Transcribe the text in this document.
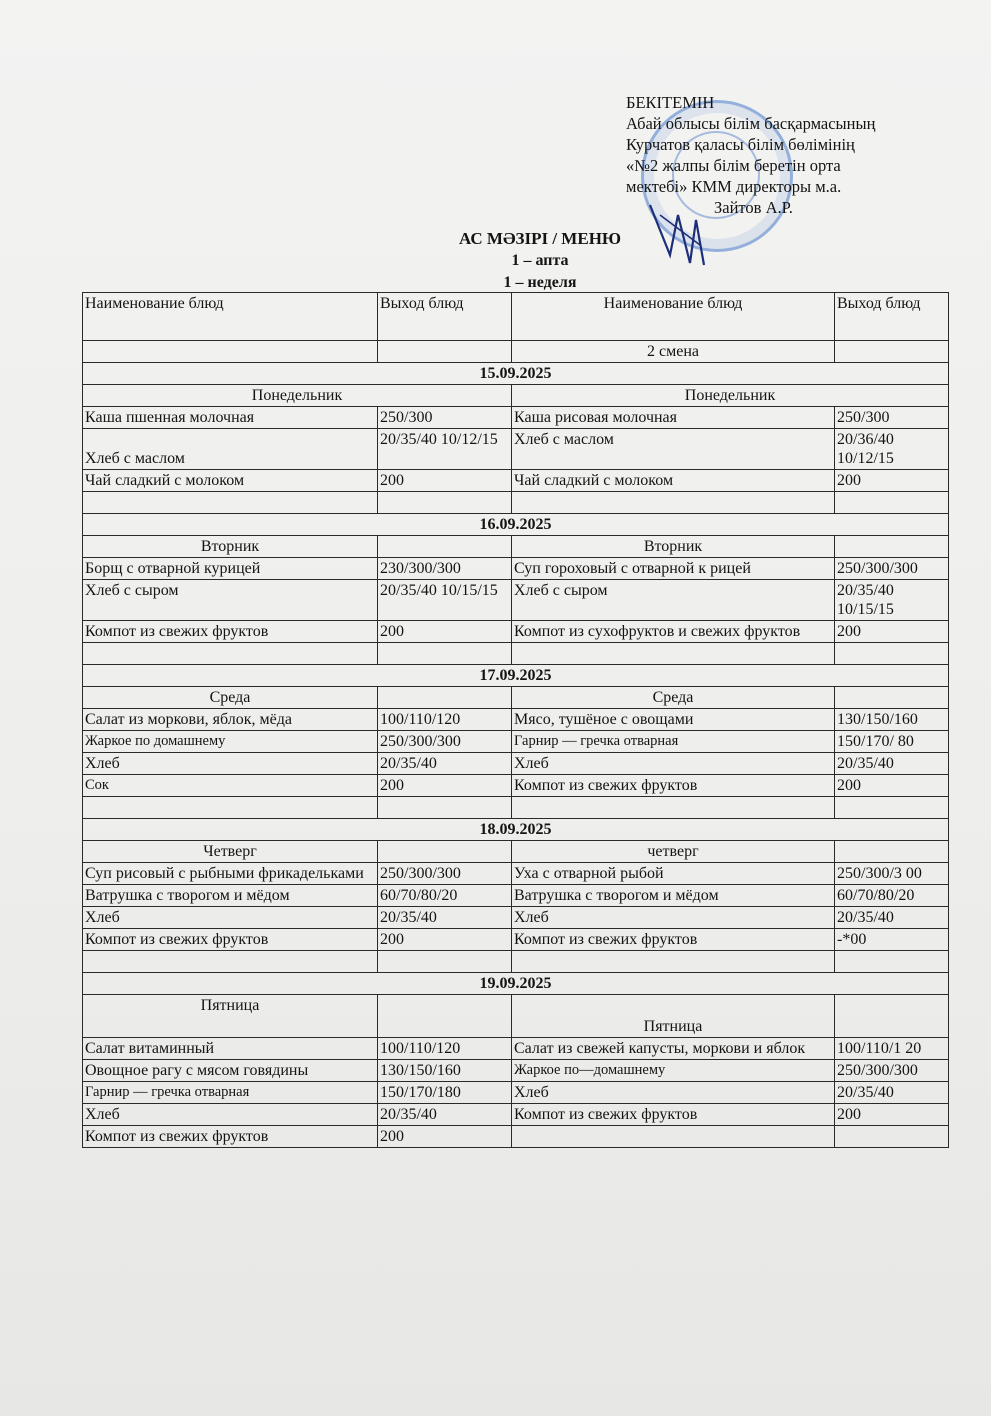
БЕКІТЕМІН
Абай облысы білім басқармасының
Курчатов қаласы білім бөлімінің
«№2 жалпы білім беретін орта
мектебі» КММ директоры м.а.
Зайтов А.Р.
АС МӘЗІРІ / МЕНЮ
1 – апта
1 – неделя
Наименование блюд	Выход блюд	Наименование блюд	Выход блюд
		2 смена	
15.09.2025			
Понедельник		Понедельник	
Каша пшенная молочная	250/300	Каша рисовая молочная	250/300
Хлеб с маслом	20/35/40 10/12/15	Хлеб с маслом	20/36/40 10/12/15
Чай сладкий с молоком	200	Чай сладкий с молоком	200

16.09.2025			
Вторник		Вторник	
Борщ с отварной курицей	230/300/300	Суп гороховый с отварной к рицей	250/300/300
Хлеб с сыром	20/35/40 10/15/15	Хлеб с сыром	20/35/40 10/15/15
Компот из свежих фруктов	200	Компот из сухофруктов и свежих фруктов	200

17.09.2025			
Среда		Среда	
Салат из моркови, яблок, мёда	100/110/120	Мясо, тушёное с овощами	130/150/160
Жаркое по домашнему	250/300/300	Гарнир — гречка отварная	150/170/ 80
Хлеб	20/35/40	Хлеб	20/35/40
Сок	200	Компот из свежих фруктов	200

18.09.2025			
Четверг		четверг	
Суп рисовый с рыбными фрикадельками	250/300/300	Уха с отварной рыбой	250/300/3 00
Ватрушка с творогом и мёдом	60/70/80/20	Ватрушка с творогом и мёдом	60/70/80/20
Хлеб	20/35/40	Хлеб	20/35/40
Компот из свежих фруктов	200	Компот из свежих фруктов	-*00

19.09.2025			
Пятница		Пятница	
Салат витаминный	100/110/120	Салат из свежей капусты, моркови и яблок	100/110/1 20
Овощное рагу с мясом говядины	130/150/160	Жаркое по—домашнему	250/300/300
Гарнир — гречка отварная	150/170/180	Хлеб	20/35/40
Хлеб	20/35/40	Компот из свежих фруктов	200
Компот из свежих фруктов	200		
